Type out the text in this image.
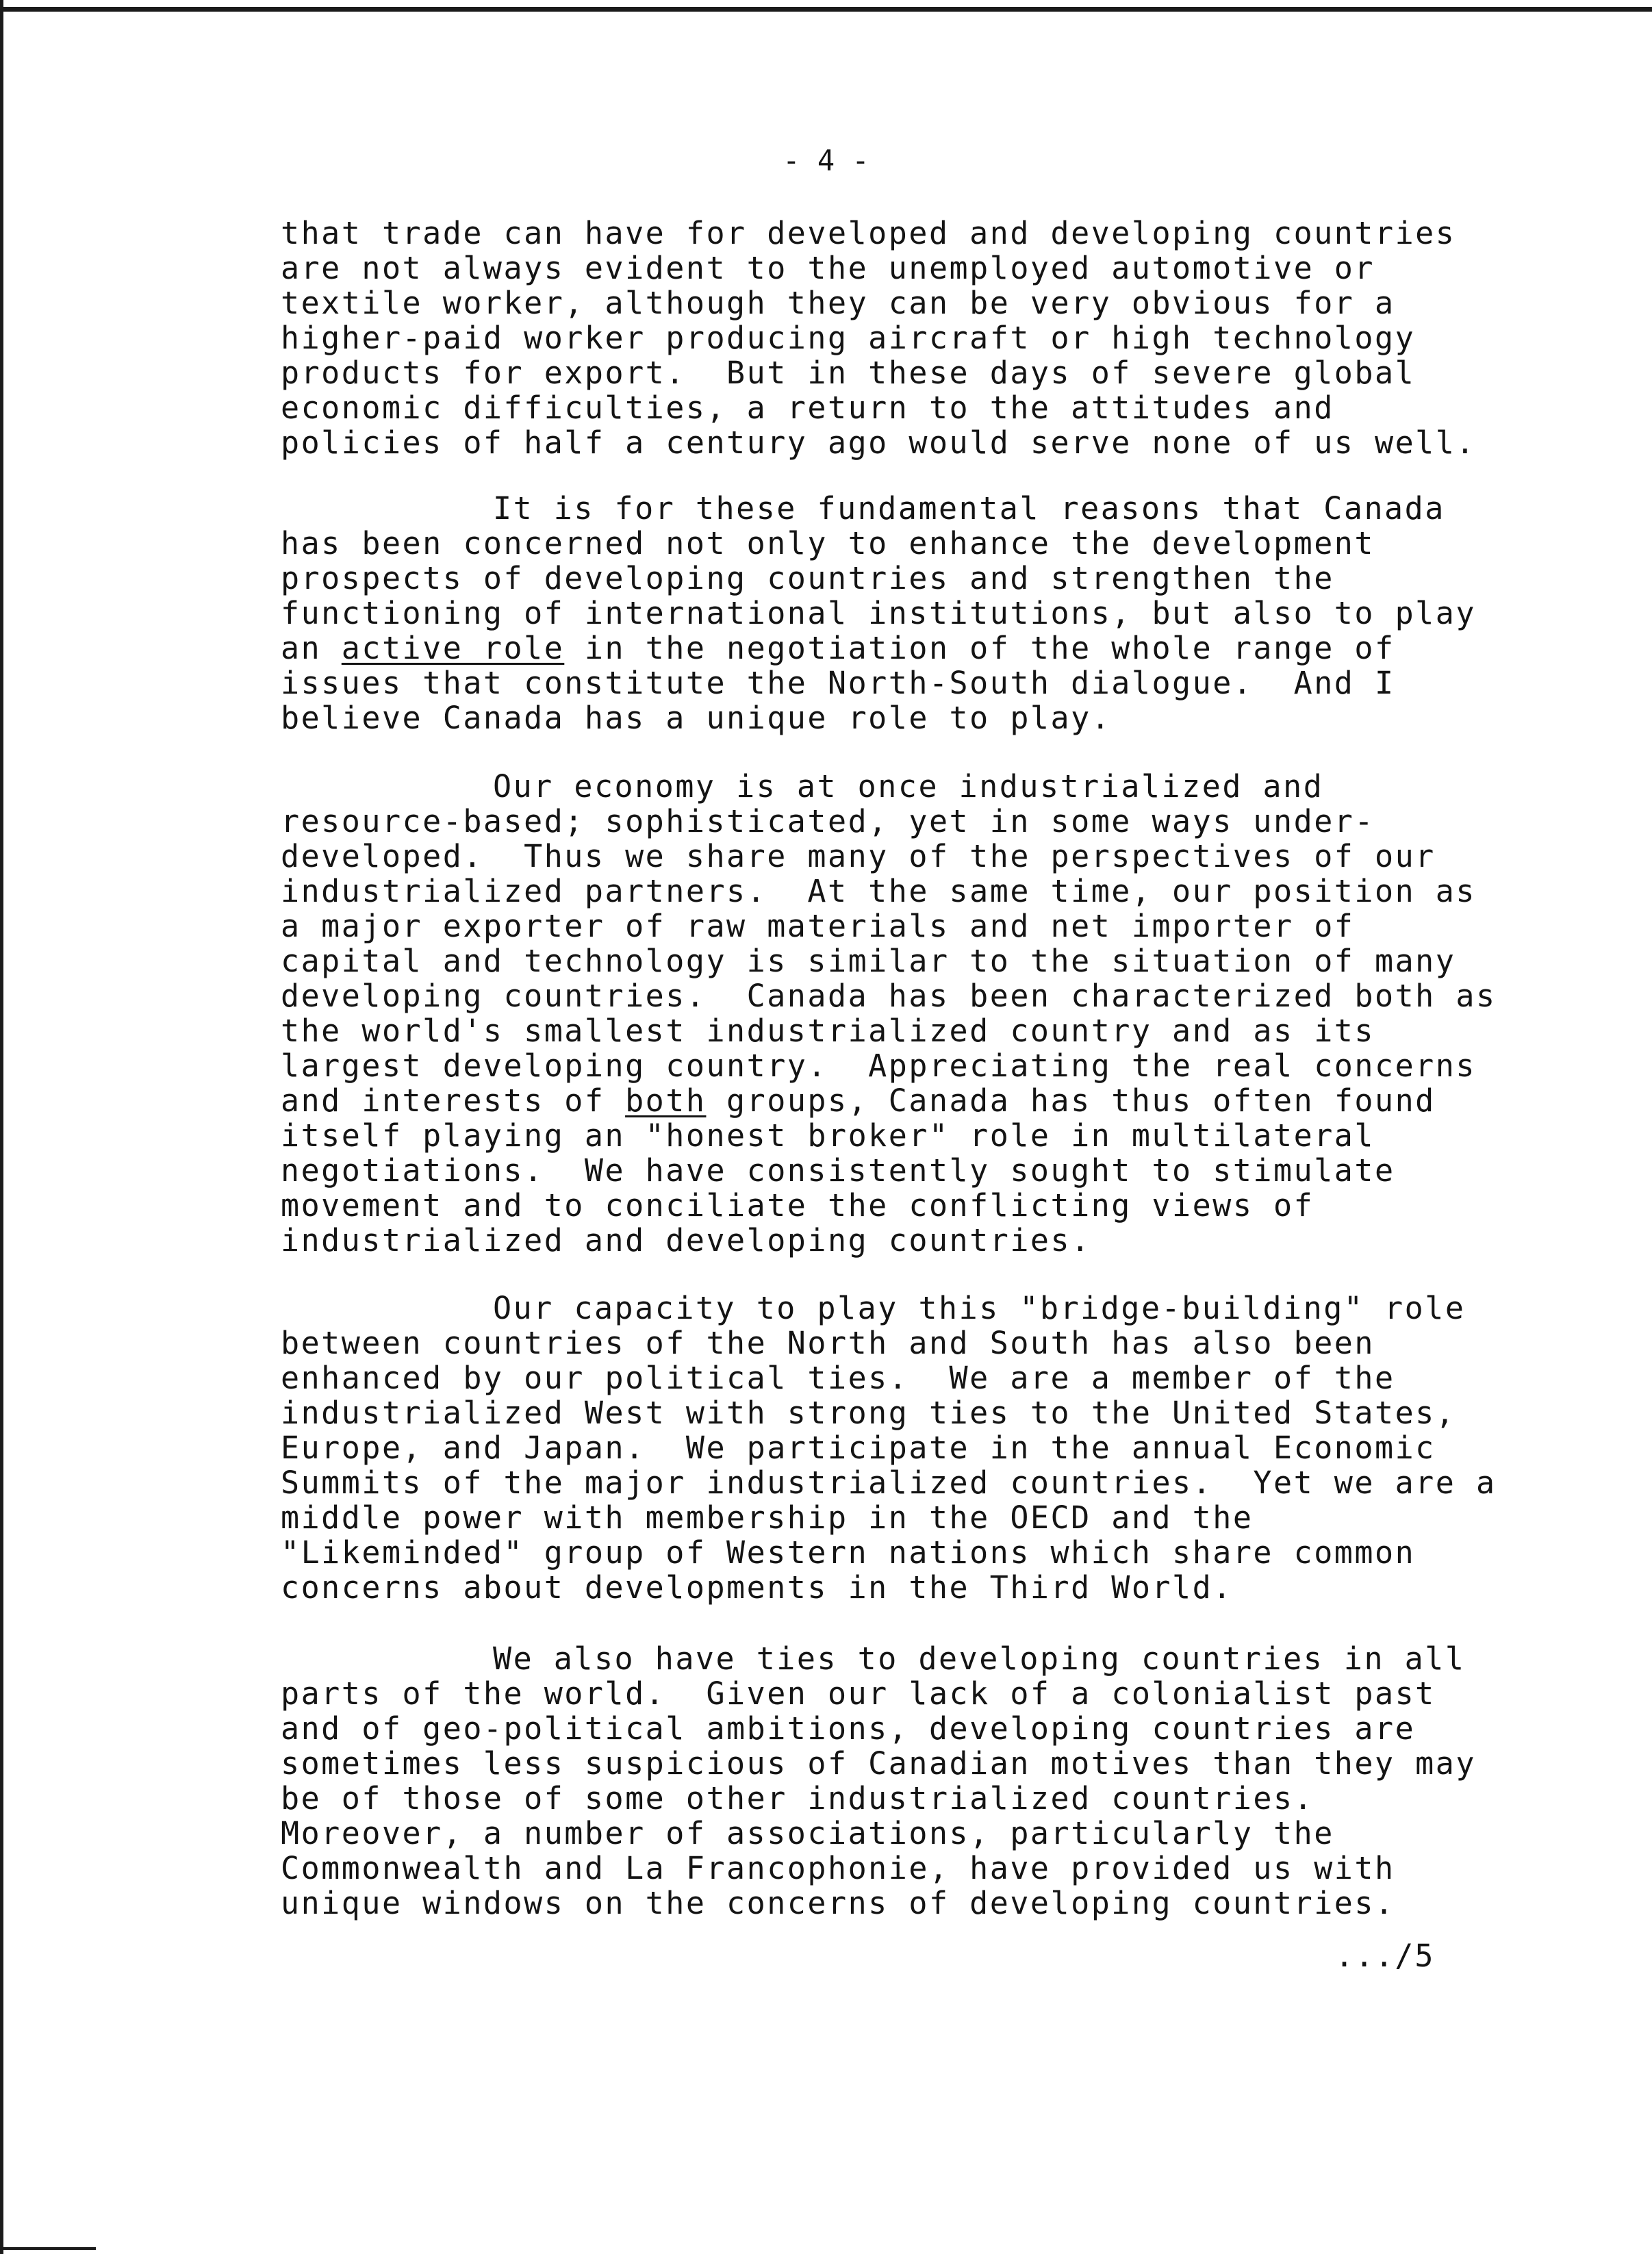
- 4 -
that trade can have for developed and developing countries
are not always evident to the unemployed automotive or
textile worker, although they can be very obvious for a
higher-paid worker producing aircraft or high technology
products for export.  But in these days of severe global
economic difficulties, a return to the attitudes and
policies of half a century ago would serve none of us well.
It is for these fundamental reasons that Canada
has been concerned not only to enhance the development
prospects of developing countries and strengthen the
functioning of international institutions, but also to play
an active role in the negotiation of the whole range of
issues that constitute the North-South dialogue.  And I
believe Canada has a unique role to play.
Our economy is at once industrialized and
resource-based; sophisticated, yet in some ways under-
developed.  Thus we share many of the perspectives of our
industrialized partners.  At the same time, our position as
a major exporter of raw materials and net importer of
capital and technology is similar to the situation of many
developing countries.  Canada has been characterized both as
the world's smallest industrialized country and as its
largest developing country.  Appreciating the real concerns
and interests of both groups, Canada has thus often found
itself playing an "honest broker" role in multilateral
negotiations.  We have consistently sought to stimulate
movement and to conciliate the conflicting views of
industrialized and developing countries.
Our capacity to play this "bridge-building" role
between countries of the North and South has also been
enhanced by our political ties.  We are a member of the
industrialized West with strong ties to the United States,
Europe, and Japan.  We participate in the annual Economic
Summits of the major industrialized countries.  Yet we are a
middle power with membership in the OECD and the
"Likeminded" group of Western nations which share common
concerns about developments in the Third World.
We also have ties to developing countries in all
parts of the world.  Given our lack of a colonialist past
and of geo-political ambitions, developing countries are
sometimes less suspicious of Canadian motives than they may
be of those of some other industrialized countries.
Moreover, a number of associations, particularly the
Commonwealth and La Francophonie, have provided us with
unique windows on the concerns of developing countries.
.../5
